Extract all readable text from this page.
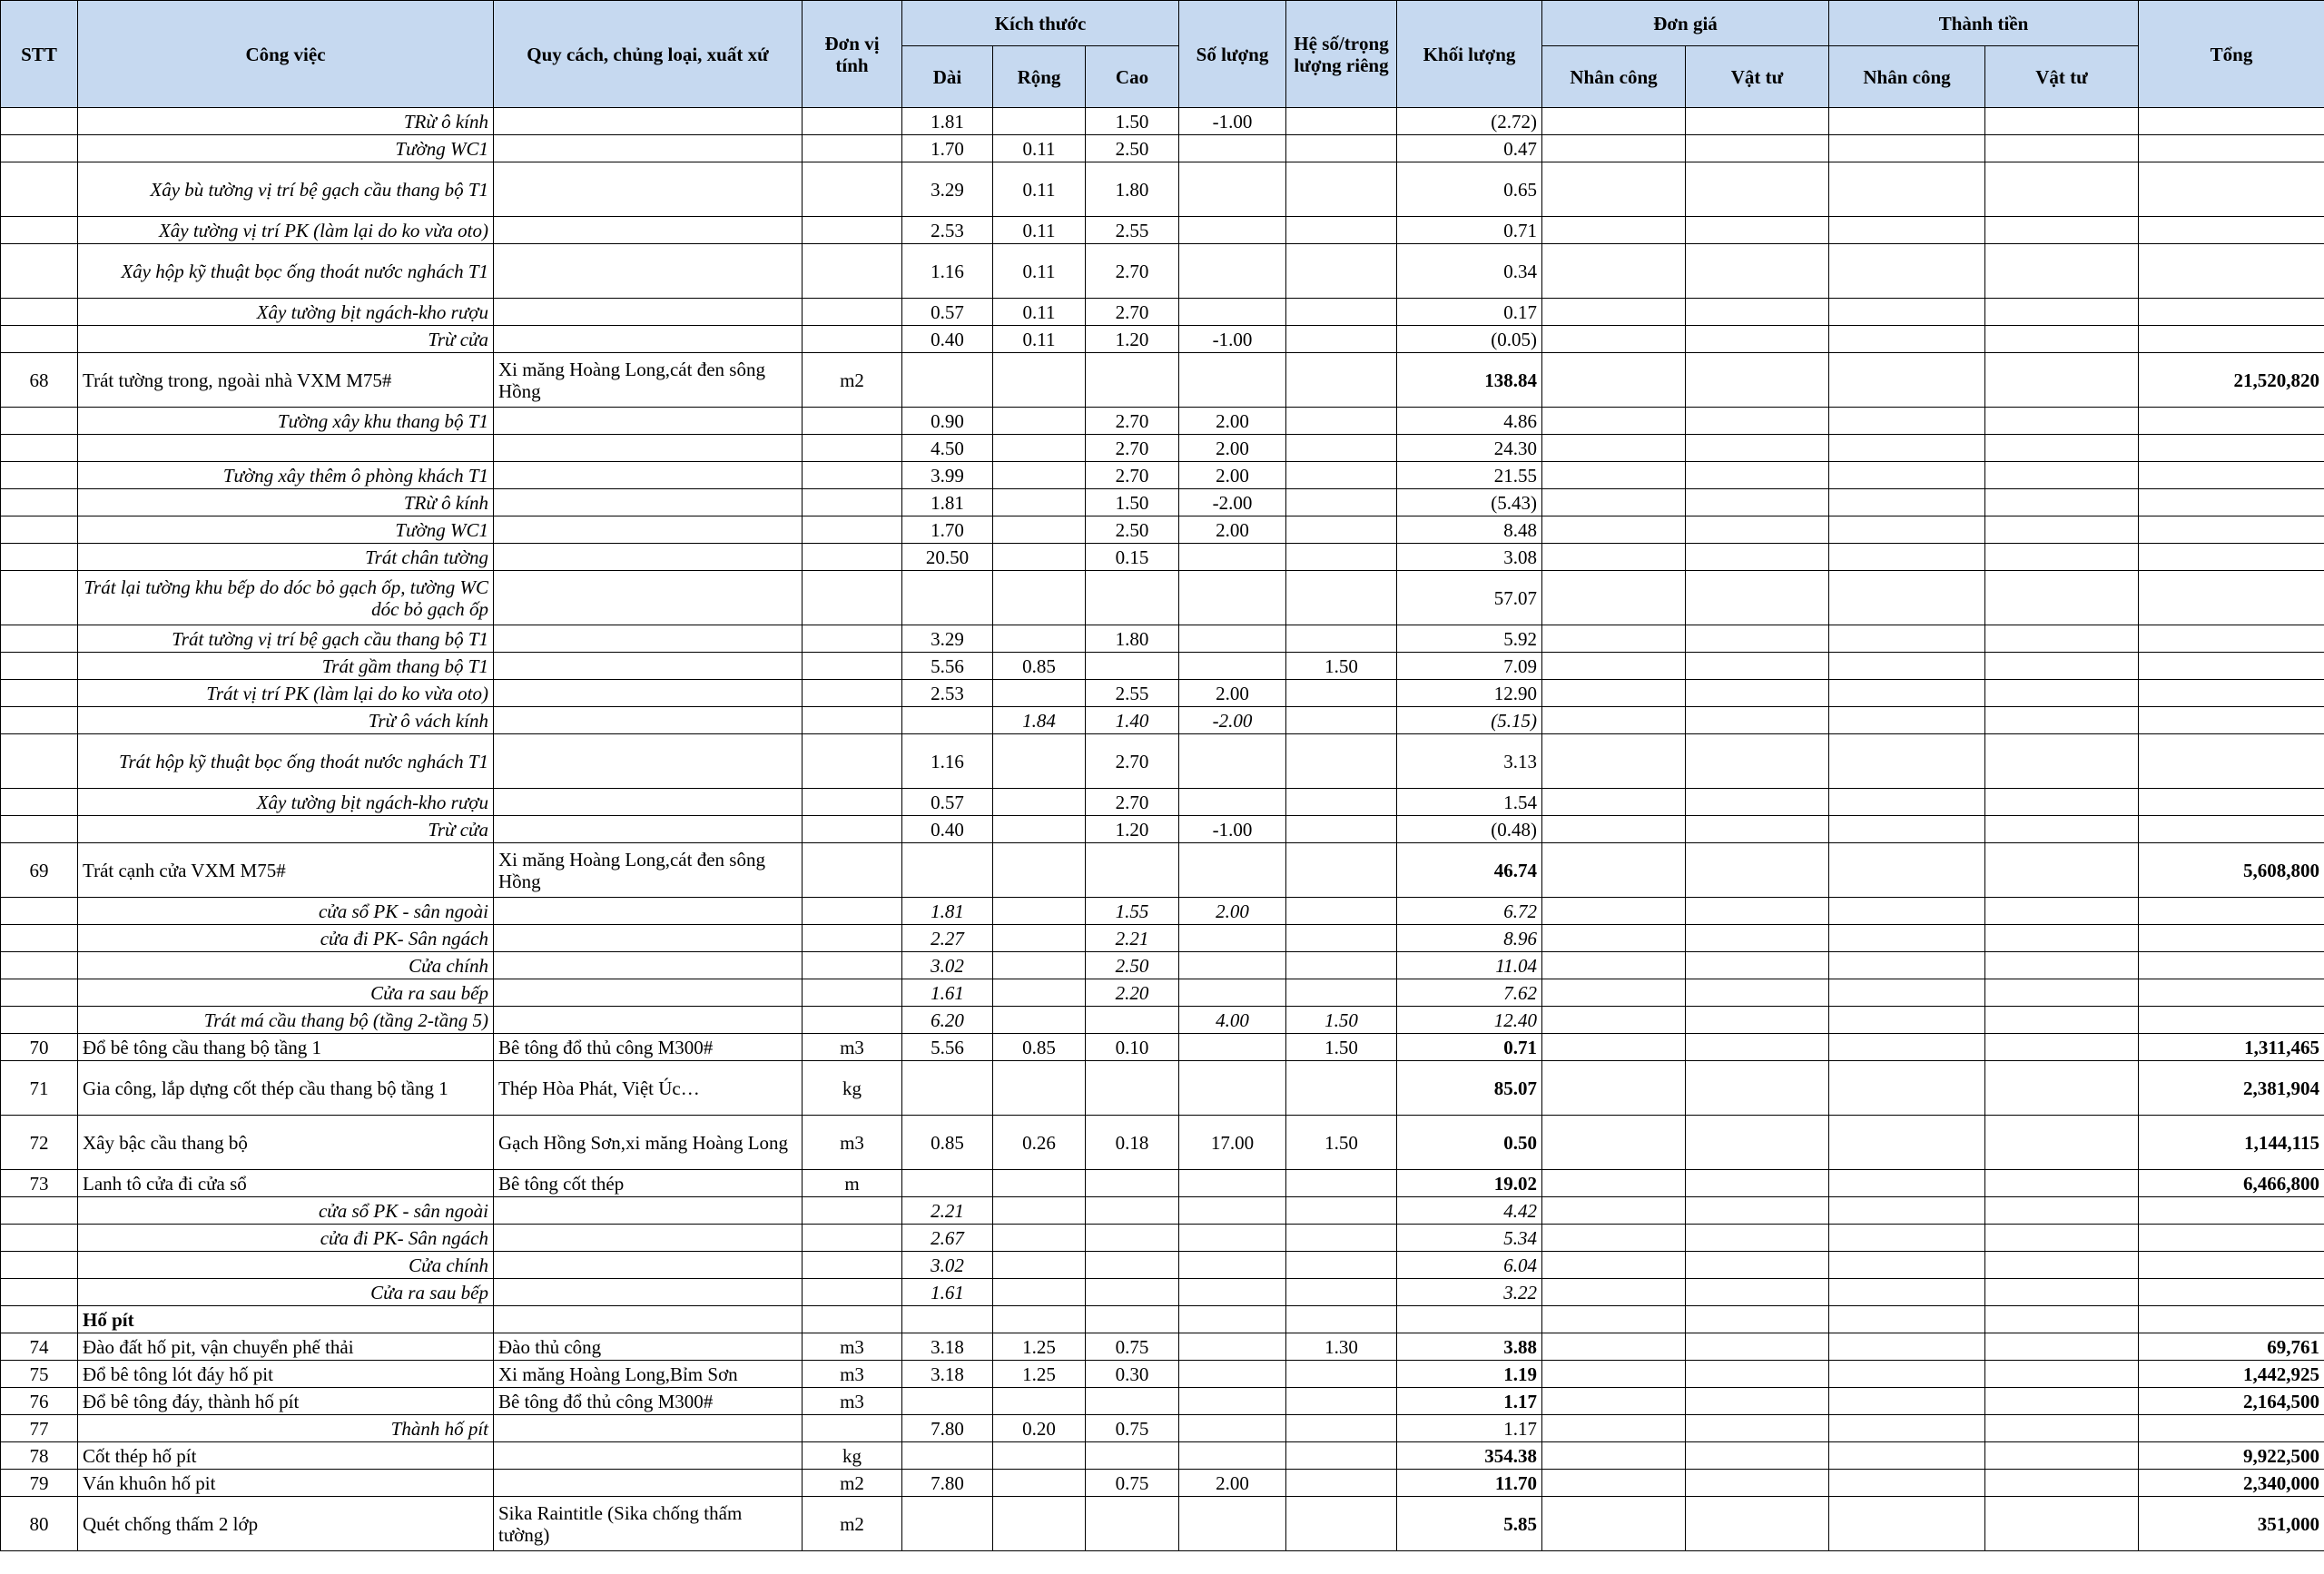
STT	Công việc	Quy cách, chủng loại, xuất xứ	Đơn vị tính	Kích thước			Số lượng	Hệ số/trọng lượng riêng	Khối lượng	Đơn giá		Thành tiền		Tổng
				Dài	Rộng	Cao				Nhân công	Vật tư	Nhân công	Vật tư	
	TRừ ô kính			1.81		1.50	-1.00		(2.72)					
	Tường WC1			1.70	0.11	2.50			0.47					
	Xây bù tường vị trí bệ gạch cầu thang bộ T1			3.29	0.11	1.80			0.65					
	Xây tường vị trí PK (làm lại do ko vừa oto)			2.53	0.11	2.55			0.71					
	Xây hộp kỹ thuật bọc ống thoát nước nghách T1			1.16	0.11	2.70			0.34					
	Xây tường bịt ngách-kho rượu			0.57	0.11	2.70			0.17					
	Trừ cửa			0.40	0.11	1.20	-1.00		(0.05)					
68	Trát tường trong, ngoài nhà VXM M75#	Xi măng Hoàng Long,cát đen sông Hồng	m2						138.84					21,520,820
	Tường xây khu thang bộ T1			0.90		2.70	2.00		4.86					
				4.50		2.70	2.00		24.30					
	Tường xây thêm ô phòng khách T1			3.99		2.70	2.00		21.55					
	TRừ ô kính			1.81		1.50	-2.00		(5.43)					
	Tường WC1			1.70		2.50	2.00		8.48					
	Trát chân tường			20.50		0.15			3.08					
	Trát lại tường khu bếp do dóc bỏ gạch ốp, tường WC dóc bỏ gạch ốp								57.07					
	Trát tường vị trí bệ gạch cầu thang bộ T1			3.29		1.80			5.92					
	Trát gầm thang bộ T1			5.56	0.85			1.50	7.09					
	Trát vị trí PK (làm lại do ko vừa oto)			2.53		2.55	2.00		12.90					
	Trừ ô vách kính				1.84	1.40	-2.00		(5.15)					
	Trát hộp kỹ thuật bọc ống thoát nước nghách T1			1.16		2.70			3.13					
	Xây tường bịt ngách-kho rượu			0.57		2.70			1.54					
	Trừ cửa			0.40		1.20	-1.00		(0.48)					
69	Trát cạnh cửa VXM M75#	Xi măng Hoàng Long,cát đen sông Hồng							46.74					5,608,800
	cửa sổ PK - sân ngoài			1.81		1.55	2.00		6.72					
	cửa đi PK- Sân ngách			2.27		2.21			8.96					
	Cửa chính			3.02		2.50			11.04					
	Cửa ra sau bếp			1.61		2.20			7.62					
	Trát má cầu thang bộ (tầng 2-tầng 5)			6.20			4.00	1.50	12.40					
70	Đổ bê tông cầu thang bộ tầng 1	Bê tông đổ thủ công M300#	m3	5.56	0.85	0.10		1.50	0.71					1,311,465
71	Gia công, lắp dựng cốt thép cầu thang bộ tầng 1	Thép Hòa Phát, Việt Úc…	kg						85.07					2,381,904
72	Xây bậc cầu thang bộ	Gạch Hồng Sơn,xi măng Hoàng Long	m3	0.85	0.26	0.18	17.00	1.50	0.50					1,144,115
73	Lanh tô cửa đi cửa sổ	Bê tông cốt thép	m						19.02					6,466,800
	cửa sổ PK - sân ngoài			2.21					4.42					
	cửa đi PK- Sân ngách			2.67					5.34					
	Cửa chính			3.02					6.04					
	Cửa ra sau bếp			1.61					3.22					
	Hố pít													
74	Đào đất hố pit, vận chuyển phế thải	Đào thủ công	m3	3.18	1.25	0.75		1.30	3.88					69,761
75	Đổ bê tông lót đáy hố pit	Xi măng Hoàng Long,Bỉm Sơn	m3	3.18	1.25	0.30			1.19					1,442,925
76	Đổ bê tông đáy, thành hố pít	Bê tông đổ thủ công M300#	m3						1.17					2,164,500
77	Thành hố pít			7.80	0.20	0.75			1.17					
78	Cốt thép hố pít		kg						354.38					9,922,500
79	Ván khuôn hố pit		m2	7.80		0.75	2.00		11.70					2,340,000
80	Quét chống thấm 2 lớp	Sika Raintitle (Sika chống thấm tường)	m2						5.85					351,000
